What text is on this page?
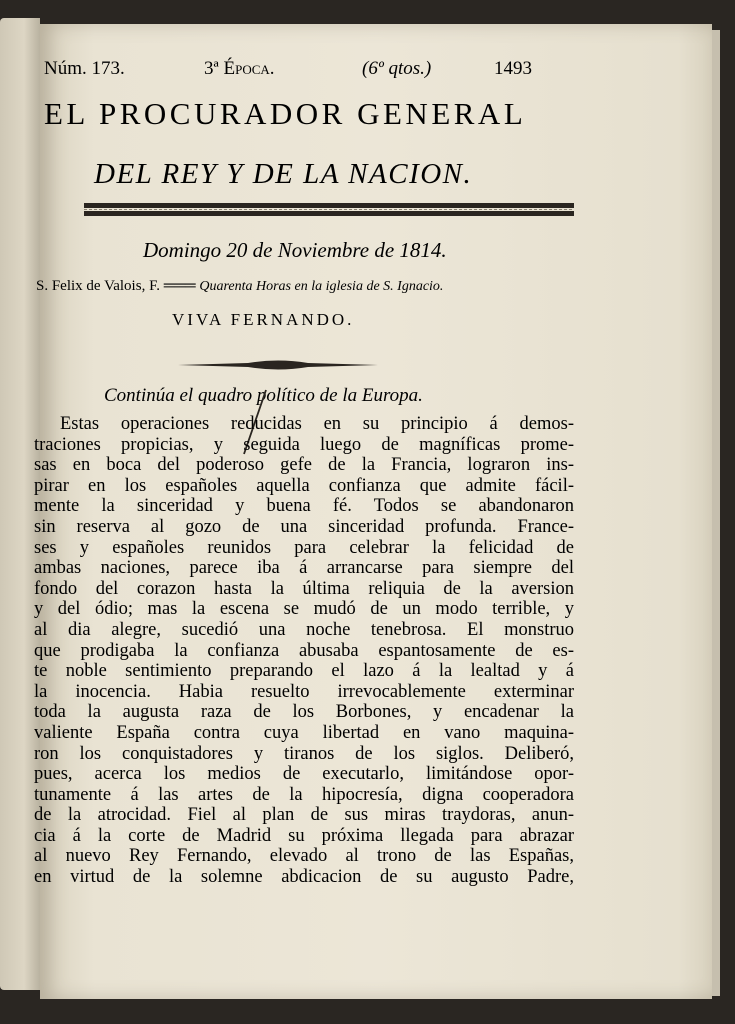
Núm. 173.	3ª Época.	(6º qtos.)	1493
EL PROCURADOR GENERAL
DEL REY Y DE LA NACION.
Domingo 20 de Noviembre de 1814.
S. Felix de Valois, F. ═══ Quarenta Horas en la iglesia de S. Ignacio.
VIVA FERNANDO.
Continúa el quadro político de la Europa.
Estas operaciones reducidas en su principio á demos-
traciones propicias, y seguida luego de magníficas prome-
sas en boca del poderoso gefe de la Francia, lograron ins-
pirar en los españoles aquella confianza que admite fácil-
mente la sinceridad y buena fé. Todos se abandonaron
sin reserva al gozo de una sinceridad profunda. France-
ses y españoles reunidos para celebrar la felicidad de
ambas naciones, parece iba á arrancarse para siempre del
fondo del corazon hasta la última reliquia de la aversion
y del ódio; mas la escena se mudó de un modo terrible, y
al dia alegre, sucedió una noche tenebrosa. El monstruo
que prodigaba la confianza abusaba espantosamente de es-
te noble sentimiento preparando el lazo á la lealtad y á
la inocencia. Habia resuelto irrevocablemente exterminar
toda la augusta raza de los Borbones, y encadenar la
valiente España contra cuya libertad en vano maquina-
ron los conquistadores y tiranos de los siglos. Deliberó,
pues, acerca los medios de executarlo, limitándose opor-
tunamente á las artes de la hipocresía, digna cooperadora
de la atrocidad. Fiel al plan de sus miras traydoras, anun-
cia á la corte de Madrid su próxima llegada para abrazar
al nuevo Rey Fernando, elevado al trono de las Españas,
en virtud de la solemne abdicacion de su augusto Padre,
